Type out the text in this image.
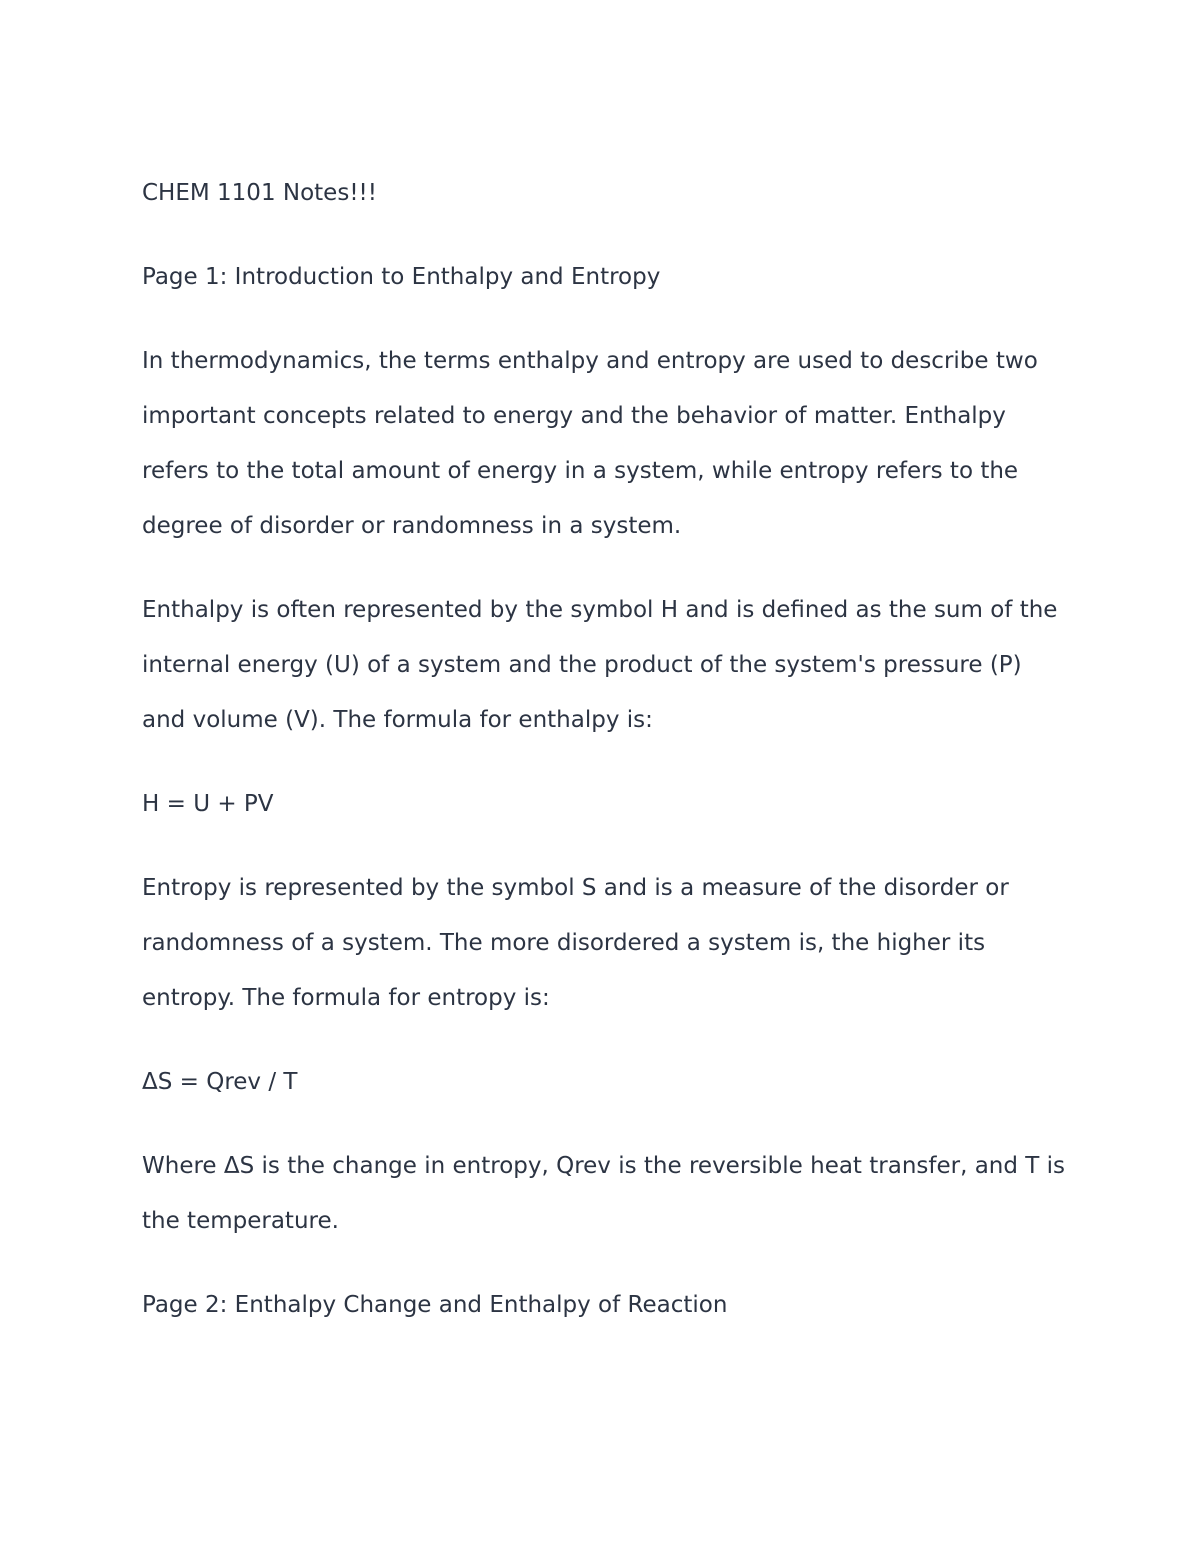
CHEM 1101 Notes!!!

Page 1: Introduction to Enthalpy and Entropy

In thermodynamics, the terms enthalpy and entropy are used to describe two important concepts related to energy and the behavior of matter. Enthalpy refers to the total amount of energy in a system, while entropy refers to the degree of disorder or randomness in a system.

Enthalpy is often represented by the symbol H and is defined as the sum of the internal energy (U) of a system and the product of the system's pressure (P) and volume (V). The formula for enthalpy is:

H = U + PV

Entropy is represented by the symbol S and is a measure of the disorder or randomness of a system. The more disordered a system is, the higher its entropy. The formula for entropy is:

ΔS = Qrev / T

Where ΔS is the change in entropy, Qrev is the reversible heat transfer, and T is the temperature.

Page 2: Enthalpy Change and Enthalpy of Reaction
